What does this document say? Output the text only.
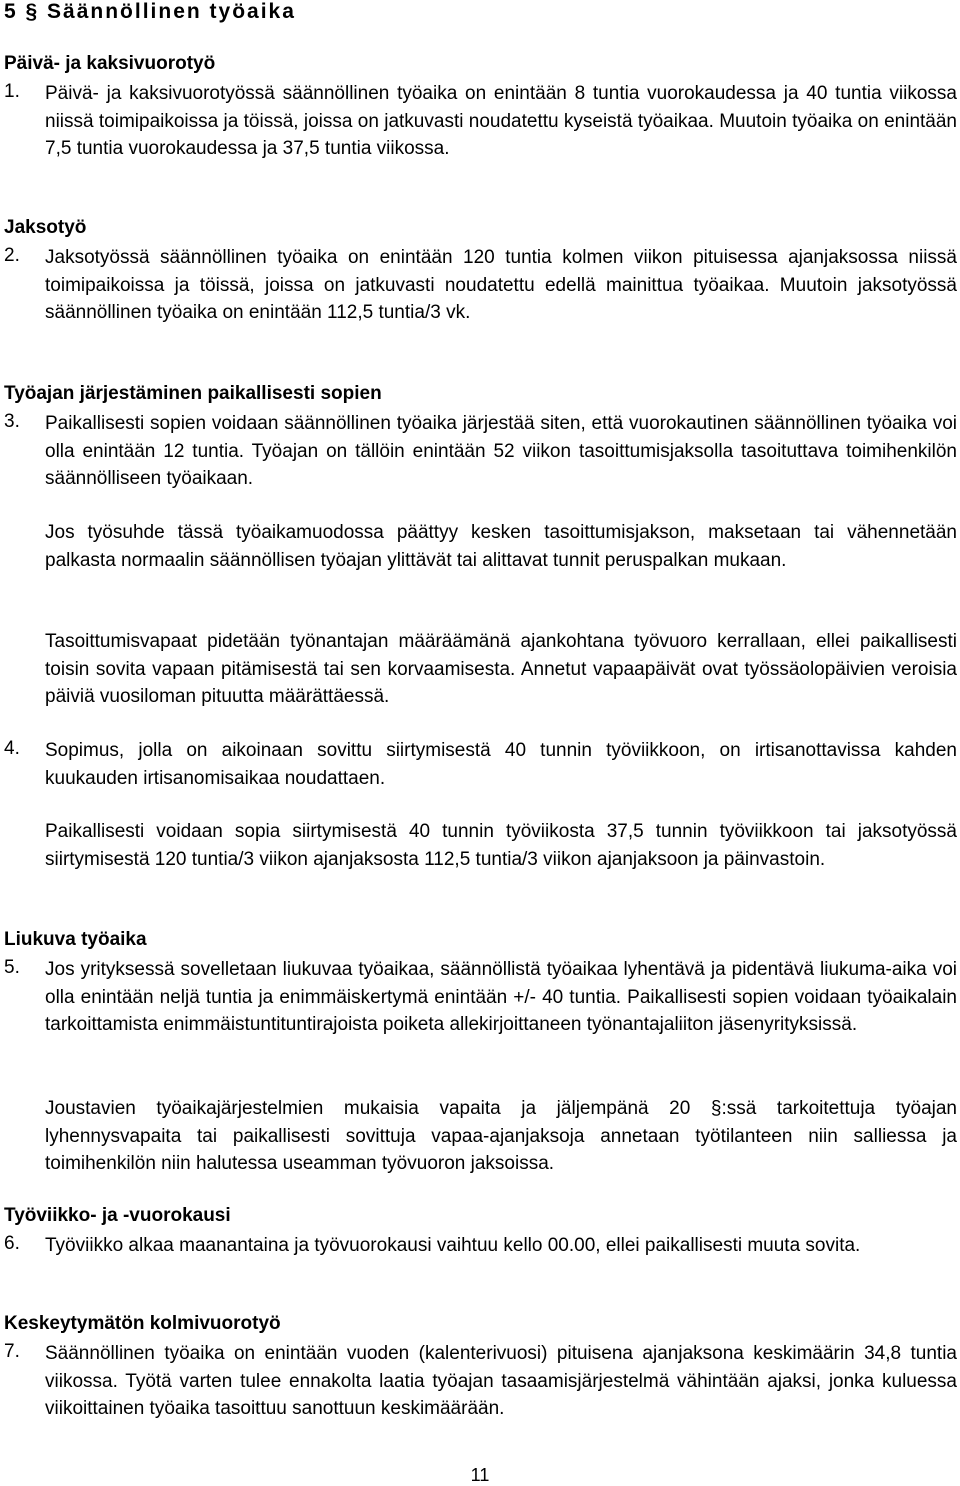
5 § Säännöllinen työaika
Päivä- ja kaksivuorotyö
1. Päivä- ja kaksivuorotyössä säännöllinen työaika on enintään 8 tuntia vuorokaudessa ja 40 tuntia viikossa niissä toimipaikoissa ja töissä, joissa on jatkuvasti noudatettu kyseistä työaikaa. Muutoin työaika on enintään 7,5 tuntia vuorokaudessa ja 37,5 tuntia viikossa.
Jaksotyö
2. Jaksotyössä säännöllinen työaika on enintään 120 tuntia kolmen viikon pituisessa ajanjaksossa niissä toimipaikoissa ja töissä, joissa on jatkuvasti noudatettu edellä mainittua työaikaa. Muutoin jaksotyössä säännöllinen työaika on enintään 112,5 tuntia/3 vk.
Työajan järjestäminen paikallisesti sopien
3. Paikallisesti sopien voidaan säännöllinen työaika järjestää siten, että vuorokautinen säännöllinen työaika voi olla enintään 12 tuntia. Työajan on tällöin enintään 52 viikon tasoittumisjaksolla tasoituttava toimihenkilön säännölliseen työaikaan.
Jos työsuhde tässä työaikamuodossa päättyy kesken tasoittumisjakson, maksetaan tai vähennetään palkasta normaalin säännöllisen työajan ylittävät tai alittavat tunnit peruspalkan mukaan.
Tasoittumisvapaat pidetään työnantajan määräämänä ajankohtana työvuoro kerrallaan, ellei paikallisesti toisin sovita vapaan pitämisestä tai sen korvaamisesta. Annetut vapaapäivät ovat työssäolopäivien veroisia päiviä vuosiloman pituutta määrättäessä.
4. Sopimus, jolla on aikoinaan sovittu siirtymisestä 40 tunnin työviikkoon, on irtisanottavissa kahden kuukauden irtisanomisaikaa noudattaen.
Paikallisesti voidaan sopia siirtymisestä 40 tunnin työviikosta 37,5 tunnin työviikkoon tai jaksotyössä siirtymisestä 120 tuntia/3 viikon ajanjaksosta 112,5 tuntia/3 viikon ajanjaksoon ja päinvastoin.
Liukuva työaika
5. Jos yrityksessä sovelletaan liukuvaa työaikaa, säännöllistä työaikaa lyhentävä ja pidentävä liukuma-aika voi olla enintään neljä tuntia ja enimmäiskertymä enintään +/- 40 tuntia. Paikallisesti sopien voidaan työaikalain tarkoittamista enimmäistuntituntirajoista poiketa allekirjoittaneen työnantajaliiton jäsenyrityksissä.
Joustavien työaikajärjestelmien mukaisia vapaita ja jäljempänä 20 §:ssä tarkoitettuja työajan lyhennysvapaita tai paikallisesti sovittuja vapaa-ajanjaksoja annetaan työtilanteen niin salliessa ja toimihenkilön niin halutessa useamman työvuoron jaksoissa.
Työviikko- ja -vuorokausi
6. Työviikko alkaa maanantaina ja työvuorokausi vaihtuu kello 00.00, ellei paikallisesti muuta sovita.
Keskeytymätön kolmivuorotyö
7. Säännöllinen työaika on enintään vuoden (kalenterivuosi) pituisena ajanjaksona keskimäärin 34,8 tuntia viikossa. Työtä varten tulee ennakolta laatia työajan tasaamisjärjestelmä vähintään ajaksi, jonka kuluessa viikoittainen työaika tasoittuu sanottuun keskimäärään.
11
